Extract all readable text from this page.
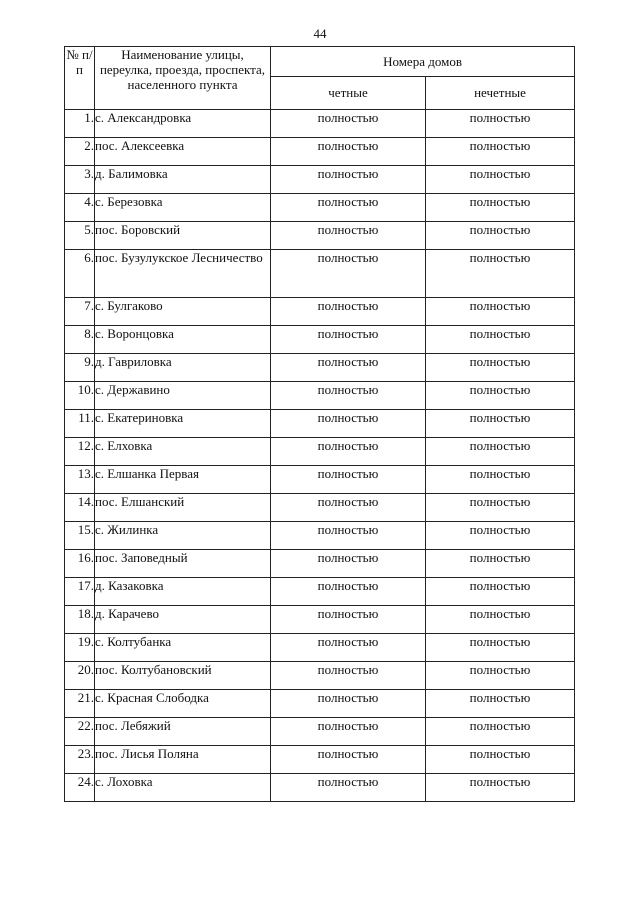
44
№ п/п	Наименование улицы, переулка, проезда, проспекта, населенного пункта	Номера домов	
		четные	нечетные
1.	с. Александровка	полностью	полностью
2.	пос. Алексеевка	полностью	полностью
3.	д. Балимовка	полностью	полностью
4.	с. Березовка	полностью	полностью
5.	пос. Боровский	полностью	полностью
6.	пос. Бузулукское Лесничество	полностью	полностью
7.	с. Булгаково	полностью	полностью
8.	с. Воронцовка	полностью	полностью
9.	д. Гавриловка	полностью	полностью
10.	с. Державино	полностью	полностью
11.	с. Екатериновка	полностью	полностью
12.	с. Елховка	полностью	полностью
13.	с. Елшанка Первая	полностью	полностью
14.	пос. Елшанский	полностью	полностью
15.	с. Жилинка	полностью	полностью
16.	пос. Заповедный	полностью	полностью
17.	д. Казаковка	полностью	полностью
18.	д. Карачево	полностью	полностью
19.	с. Колтубанка	полностью	полностью
20.	пос. Колтубановский	полностью	полностью
21.	с. Красная Слободка	полностью	полностью
22.	пос. Лебяжий	полностью	полностью
23.	пос. Лисья Поляна	полностью	полностью
24.	с. Лоховка	полностью	полностью
